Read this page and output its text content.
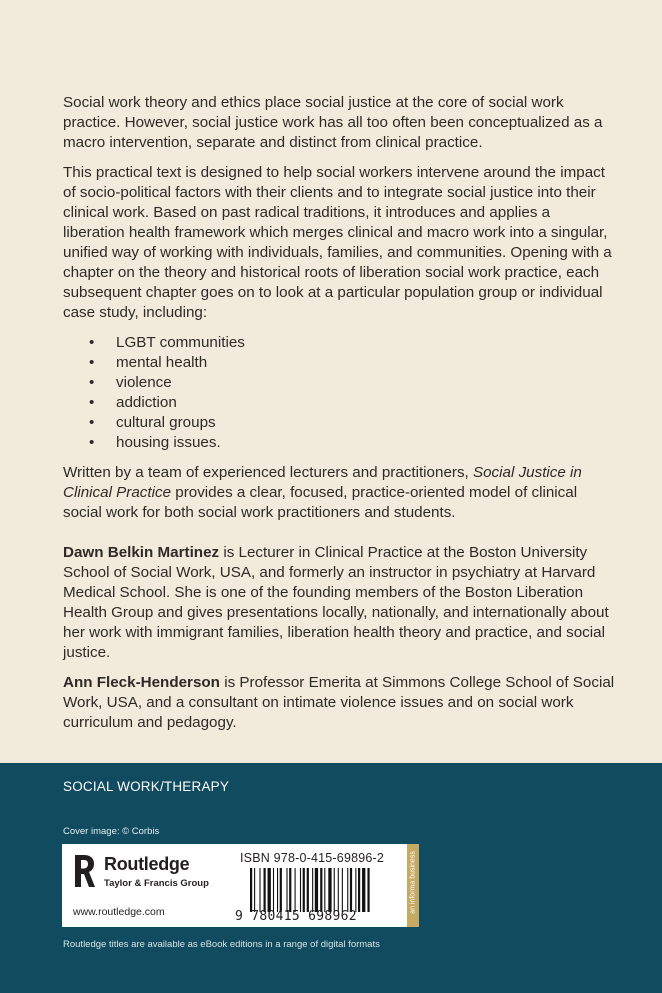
Social work theory and ethics place social justice at the core of social work practice. However, social justice work has all too often been conceptualized as a macro intervention, separate and distinct from clinical practice.

This practical text is designed to help social workers intervene around the impact of socio-political factors with their clients and to integrate social justice into their clinical work. Based on past radical traditions, it introduces and applies a liberation health framework which merges clinical and macro work into a singular, unified way of working with individuals, families, and communities. Opening with a chapter on the theory and historical roots of liberation social work practice, each subsequent chapter goes on to look at a particular population group or individual case study, including:

• LGBT communities
• mental health
• violence
• addiction
• cultural groups
• housing issues.

Written by a team of experienced lecturers and practitioners, Social Justice in Clinical Practice provides a clear, focused, practice-oriented model of clinical social work for both social work practitioners and students.

Dawn Belkin Martinez is Lecturer in Clinical Practice at the Boston University School of Social Work, USA, and formerly an instructor in psychiatry at Harvard Medical School. She is one of the founding members of the Boston Liberation Health Group and gives presentations locally, nationally, and internationally about her work with immigrant families, liberation health theory and practice, and social justice.

Ann Fleck-Henderson is Professor Emerita at Simmons College School of Social Work, USA, and a consultant on intimate violence issues and on social work curriculum and pedagogy.

SOCIAL WORK/THERAPY
Cover image: © Corbis
Routledge
Taylor & Francis Group
www.routledge.com
ISBN 978-0-415-69896-2
9 780415 698962
an informa business
Routledge titles are available as eBook editions in a range of digital formats
